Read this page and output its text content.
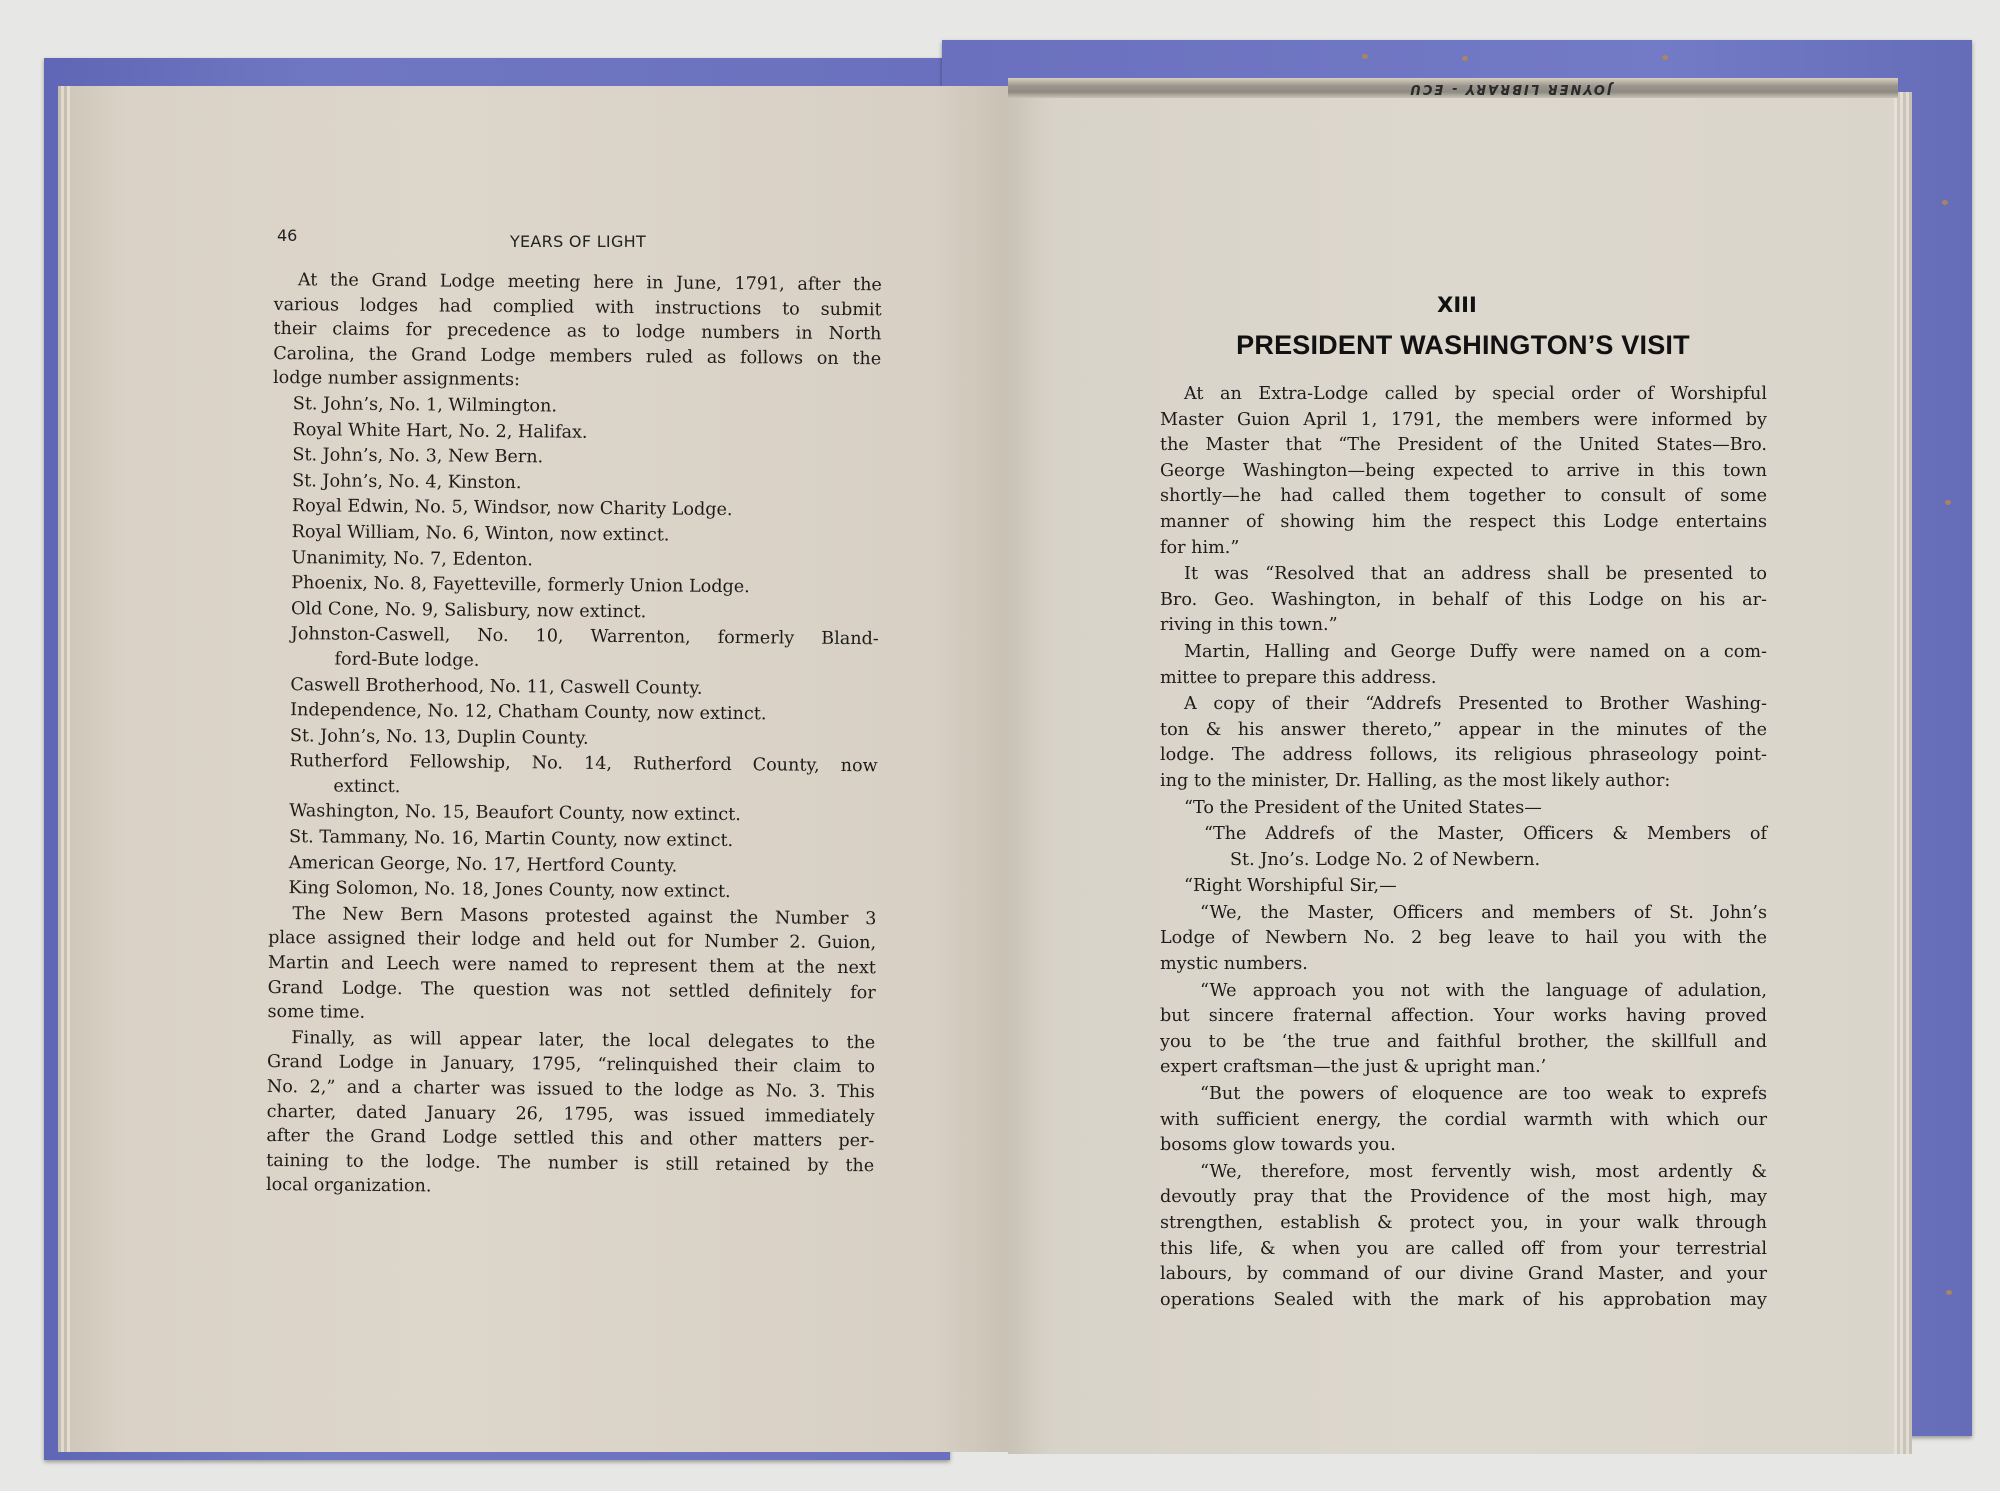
JOYNER LIBRARY - ECU
46	YEARS OF LIGHT
At the Grand Lodge meeting here in June, 1791, after the
various lodges had complied with instructions to submit
their claims for precedence as to lodge numbers in North
Carolina, the Grand Lodge members ruled as follows on the
lodge number assignments:
St. John’s, No. 1, Wilmington.
Royal White Hart, No. 2, Halifax.
St. John’s, No. 3, New Bern.
St. John’s, No. 4, Kinston.
Royal Edwin, No. 5, Windsor, now Charity Lodge.
Royal William, No. 6, Winton, now extinct.
Unanimity, No. 7, Edenton.
Phoenix, No. 8, Fayetteville, formerly Union Lodge.
Old Cone, No. 9, Salisbury, now extinct.
Johnston-Caswell, No. 10, Warrenton, formerly Bland-
ford-Bute lodge.
Caswell Brotherhood, No. 11, Caswell County.
Independence, No. 12, Chatham County, now extinct.
St. John’s, No. 13, Duplin County.
Rutherford Fellowship, No. 14, Rutherford County, now
extinct.
Washington, No. 15, Beaufort County, now extinct.
St. Tammany, No. 16, Martin County, now extinct.
American George, No. 17, Hertford County.
King Solomon, No. 18, Jones County, now extinct.
The New Bern Masons protested against the Number 3
place assigned their lodge and held out for Number 2. Guion,
Martin and Leech were named to represent them at the next
Grand Lodge. The question was not settled definitely for
some time.
Finally, as will appear later, the local delegates to the
Grand Lodge in January, 1795, “relinquished their claim to
No. 2,” and a charter was issued to the lodge as No. 3. This
charter, dated January 26, 1795, was issued immediately
after the Grand Lodge settled this and other matters per-
taining to the lodge. The number is still retained by the
local organization.
XIII
PRESIDENT WASHINGTON’S VISIT
At an Extra-Lodge called by special order of Worshipful
Master Guion April 1, 1791, the members were informed by
the Master that “The President of the United States—Bro.
George Washington—being expected to arrive in this town
shortly—he had called them together to consult of some
manner of showing him the respect this Lodge entertains
for him.”
It was “Resolved that an address shall be presented to
Bro. Geo. Washington, in behalf of this Lodge on his ar-
riving in this town.”
Martin, Halling and George Duffy were named on a com-
mittee to prepare this address.
A copy of their “Addrefs Presented to Brother Washing-
ton & his answer thereto,” appear in the minutes of the
lodge. The address follows, its religious phraseology point-
ing to the minister, Dr. Halling, as the most likely author:
“To the President of the United States—
“The Addrefs of the Master, Officers & Members of
St. Jno’s. Lodge No. 2 of Newbern.
“Right Worshipful Sir,—
“We, the Master, Officers and members of St. John’s
Lodge of Newbern No. 2 beg leave to hail you with the
mystic numbers.
“We approach you not with the language of adulation,
but sincere fraternal affection. Your works having proved
you to be ‘the true and faithful brother, the skillfull and
expert craftsman—the just & upright man.’
“But the powers of eloquence are too weak to exprefs
with sufficient energy, the cordial warmth with which our
bosoms glow towards you.
“We, therefore, most fervently wish, most ardently &
devoutly pray that the Providence of the most high, may
strengthen, establish & protect you, in your walk through
this life, & when you are called off from your terrestrial
labours, by command of our divine Grand Master, and your
operations Sealed with the mark of his approbation may
